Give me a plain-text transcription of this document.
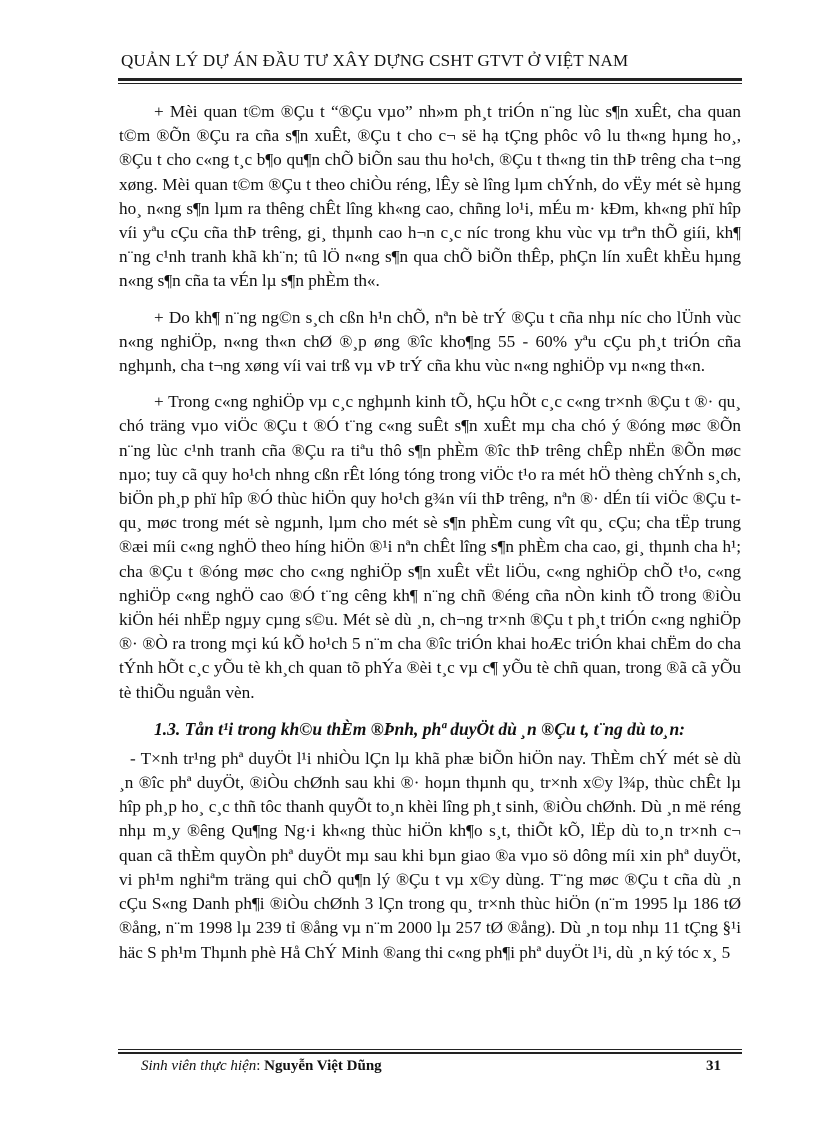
QUẢN LÝ DỰ ÁN ĐẦU TƯ XÂY DỰNG CSHT GTVT Ở VIỆT NAM

+ Mèi quan t©m ®Çu t “®Çu vµo” nh»m ph¸t triÓn n¨ng lùc s¶n xuÊt, cha quan t©m ®Õn ®Çu ra cña s¶n xuÊt, ®Çu t cho c¬ së hạ tÇng phôc vô lu th«ng hµng ho¸, ®Çu t cho c«ng t¸c b¶o qu¶n chÕ biÕn sau thu ho¹ch, ®Çu t th«ng tin thÞ trêng cha t¬ng xøng. Mèi quan t©m ®Çu t theo chiÒu réng, lÊy sè lîng lµm chÝnh, do vËy mét sè hµng ho¸ n«ng s¶n lµm ra thêng chÊt lîng kh«ng cao, chñng lo¹i, mÉu m· kÐm, kh«ng phï hîp víi yªu cÇu cña thÞ trêng, gi¸ thµnh cao h¬n c¸c níc trong khu vùc vµ trªn thÕ giíi, kh¶ n¨ng c¹nh tranh khã kh¨n; tû lÖ n«ng s¶n qua chÕ biÕn thÊp, phÇn lín xuÊt khÈu hµng n«ng s¶n cña ta vÉn lµ s¶n phÈm th«.

+ Do kh¶ n¨ng ng©n s¸ch cßn h¹n chÕ, nªn bè trÝ ®Çu t cña nhµ níc cho lÜnh vùc n«ng nghiÖp, n«ng th«n chØ ®¸p øng ®îc kho¶ng 55 - 60% yªu cÇu ph¸t triÓn cña nghµnh, cha t¬ng xøng víi vai trß vµ vÞ trÝ cña khu vùc n«ng nghiÖp vµ n«ng th«n.

+ Trong c«ng nghiÖp vµ c¸c nghµnh kinh tÕ, hÇu hÕt c¸c c«ng tr×nh ®Çu t ®· qu¸ chó träng vµo viÖc ®Çu t ®Ó t¨ng c«ng suÊt s¶n xuÊt mµ cha chó ý ®óng møc ®Õn n¨ng lùc c¹nh tranh cña ®Çu ra tiªu thô s¶n phÈm ®îc thÞ trêng chÊp nhËn ®Õn møc nµo; tuy cã quy ho¹ch nhng cßn rÊt lóng tóng trong viÖc t¹o ra mét hÖ thèng chÝnh s¸ch, biÖn ph¸p phï hîp ®Ó thùc hiÖn quy ho¹ch g¾n víi thÞ trêng, nªn ®· dÉn tíi viÖc ®Çu t qu¸ møc trong mét sè ngµnh, lµm cho mét sè s¶n phÈm cung vît qu¸ cÇu; cha tËp trung ®æi míi c«ng nghÖ theo híng hiÖn ®¹i nªn chÊt lîng s¶n phÈm cha cao, gi¸ thµnh cha h¹; cha ®Çu t ®óng møc cho c«ng nghiÖp s¶n xuÊt vËt liÖu, c«ng nghiÖp chÕ t¹o, c«ng nghiÖp c«ng nghÖ cao ®Ó t¨ng cêng kh¶ n¨ng chñ ®éng cña nÒn kinh tÕ trong ®iÒu kiÖn héi nhËp ngµy cµng s©u. Mét sè dù ¸n, ch¬ng tr×nh ®Çu t ph¸t triÓn c«ng nghiÖp ®· ®Ò ra trong mçi kú kÕ ho¹ch 5 n¨m cha ®îc triÓn khai hoÆc triÓn khai chËm do cha tÝnh hÕt c¸c yÕu tè kh¸ch quan tõ phÝa ®èi t¸c vµ c¶ yÕu tè chñ quan, trong ®ã cã yÕu tè thiÕu nguån vèn.

1.3. Tån t¹i trong kh©u thÈm ®Þnh, phª duyÖt dù ¸n ®Çu t, t¨ng dù to¸n:

- T×nh tr¹ng phª duyÖt l¹i nhiÒu lÇn lµ khã phæ biÕn hiÖn nay. ThÈm chÝ mét sè dù ¸n ®îc phª duyÖt, ®iÒu chØnh sau khi ®· hoµn thµnh qu¸ tr×nh x©y l¾p, thùc chÊt lµ hîp ph¸p ho¸ c¸c thñ tôc thanh quyÕt to¸n khèi lîng ph¸t sinh, ®iÒu chØnh. Dù ¸n më réng nhµ m¸y ®êng Qu¶ng Ng·i kh«ng thùc hiÖn kh¶o s¸t, thiÕt kÕ, lËp dù to¸n tr×nh c¬ quan cã thÈm quyÒn phª duyÖt mµ sau khi bµn giao ®a vµo sö dông míi xin phª duyÖt, vi ph¹m nghiªm träng qui chÕ qu¶n lý ®Çu t vµ x©y dùng. T¨ng møc ®Çu t cña dù ¸n cÇu S«ng Danh ph¶i ®iÒu chØnh 3 lÇn trong qu¸ tr×nh thùc hiÖn (n¨m 1995 lµ 186 tØ ®ång, n¨m 1998 lµ 239 tỉ ®ång vµ n¨m 2000 lµ 257 tØ ®ång). Dù ¸n toµ nhµ 11 tÇng §¹i häc S ph¹m Thµnh phè Hå ChÝ Minh ®ang thi c«ng ph¶i phª duyÖt l¹i, dù ¸n ký tóc x¸ 5

Sinh viên thực hiện: Nguyễn Việt Dũng	31
